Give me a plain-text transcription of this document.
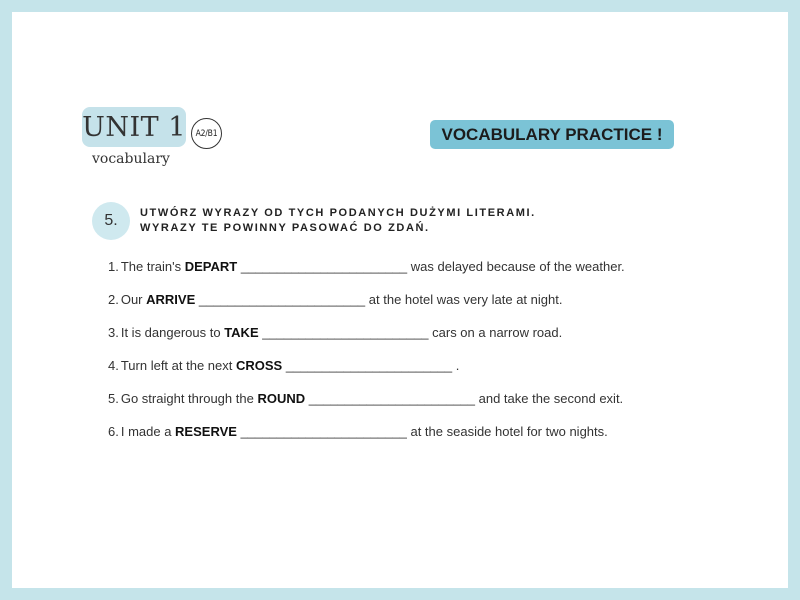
UNIT 1	A2/B1
vocabulary
VOCABULARY PRACTICE !
5. UTWÓRZ WYRAZY OD TYCH PODANYCH DUŻYMI LITERAMI.
WYRAZY TE POWINNY PASOWAĆ DO ZDAŃ.
1. The train's DEPART _______________________ was delayed because of the weather.
2. Our ARRIVE _______________________ at the hotel was very late at night.
3. It is dangerous to TAKE _______________________ cars on a narrow road.
4. Turn left at the next CROSS _______________________ .
5. Go straight through the ROUND _______________________ and take the second exit.
6. I made a RESERVE _______________________ at the seaside hotel for two nights.
